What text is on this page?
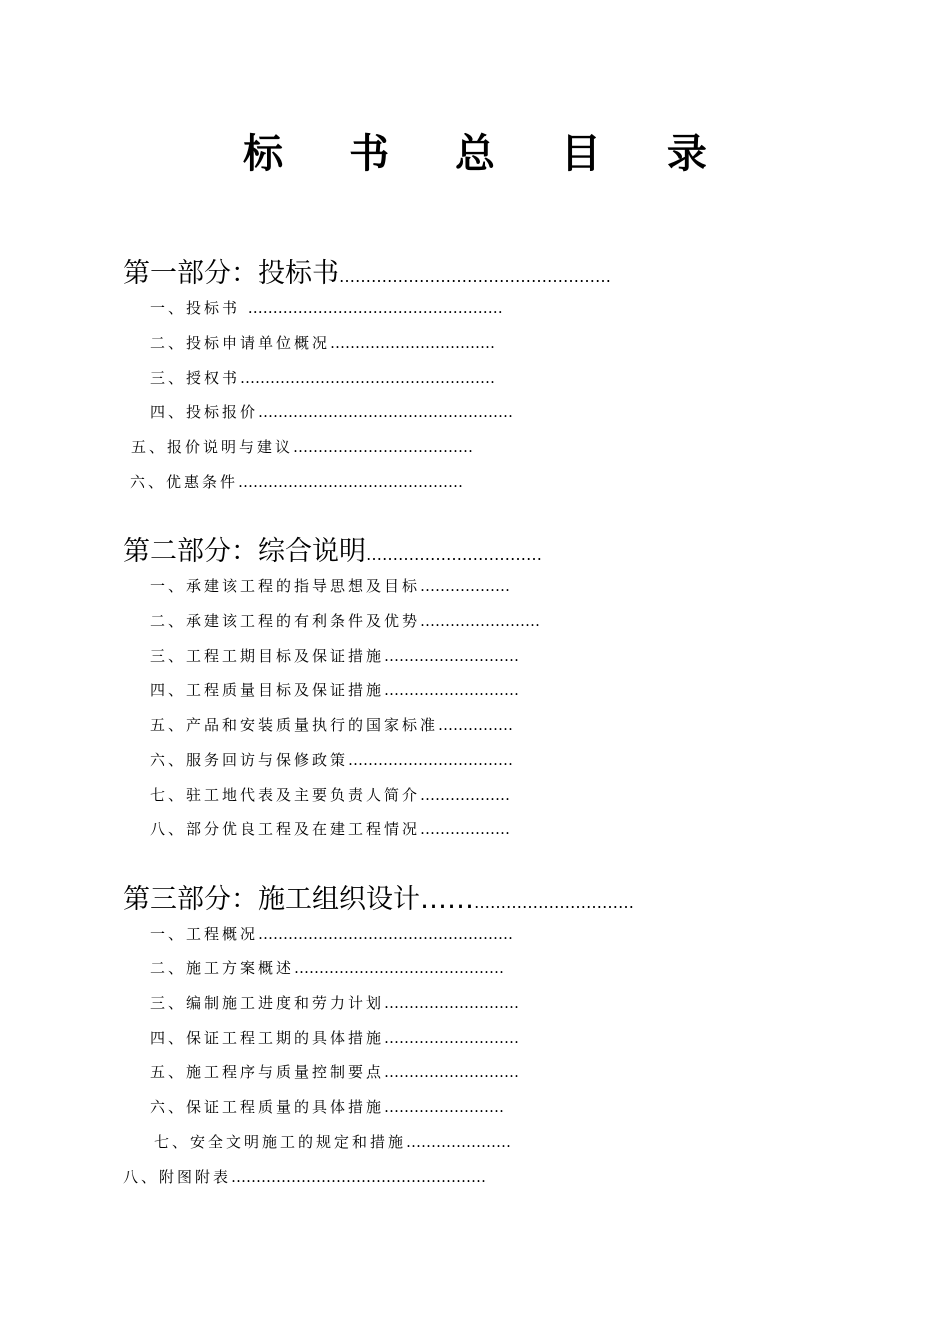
标 书 总 目 录
第一部分：投标书……………………………………………
一、投标书 ……………………………………………
二、投标申请单位概况……………………………
三、授权书……………………………………………
四、投标报价……………………………………………
五、报价说明与建议………………………………
六、优惠条件………………………………………
第二部分：综合说明……………………………
一、承建该工程的指导思想及目标………………
二、承建该工程的有利条件及优势……………………
三、工程工期目标及保证措施………………………
四、工程质量目标及保证措施………………………
五、产品和安装质量执行的国家标准……………
六、服务回访与保修政策……………………………
七、驻工地代表及主要负责人简介………………
八、部分优良工程及在建工程情况………………
第三部分：施工组织设计………………………………
一、工程概况……………………………………………
二、施工方案概述……………………………………
三、编制施工进度和劳力计划………………………
四、保证工程工期的具体措施………………………
五、施工程序与质量控制要点………………………
六、保证工程质量的具体措施……………………
七、安全文明施工的规定和措施…………………
八、附图附表……………………………………………
